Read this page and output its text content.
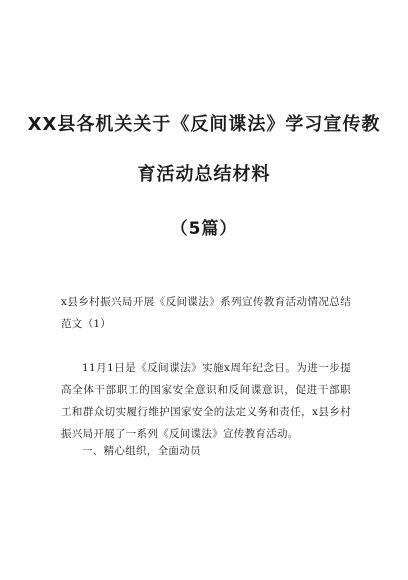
XX县各机关关于《反间谍法》学习宣传教
育活动总结材料
（5篇）

x县乡村振兴局开展《反间谍法》系列宣传教育活动情况总结范文（1）

11月1日是《反间谍法》实施x周年纪念日。为进一步提高全体干部职工的国家安全意识和反间谍意识，促进干部职工和群众切实履行维护国家安全的法定义务和责任，x县乡村振兴局开展了一系列《反间谍法》宣传教育活动。

一、精心组织，全面动员
